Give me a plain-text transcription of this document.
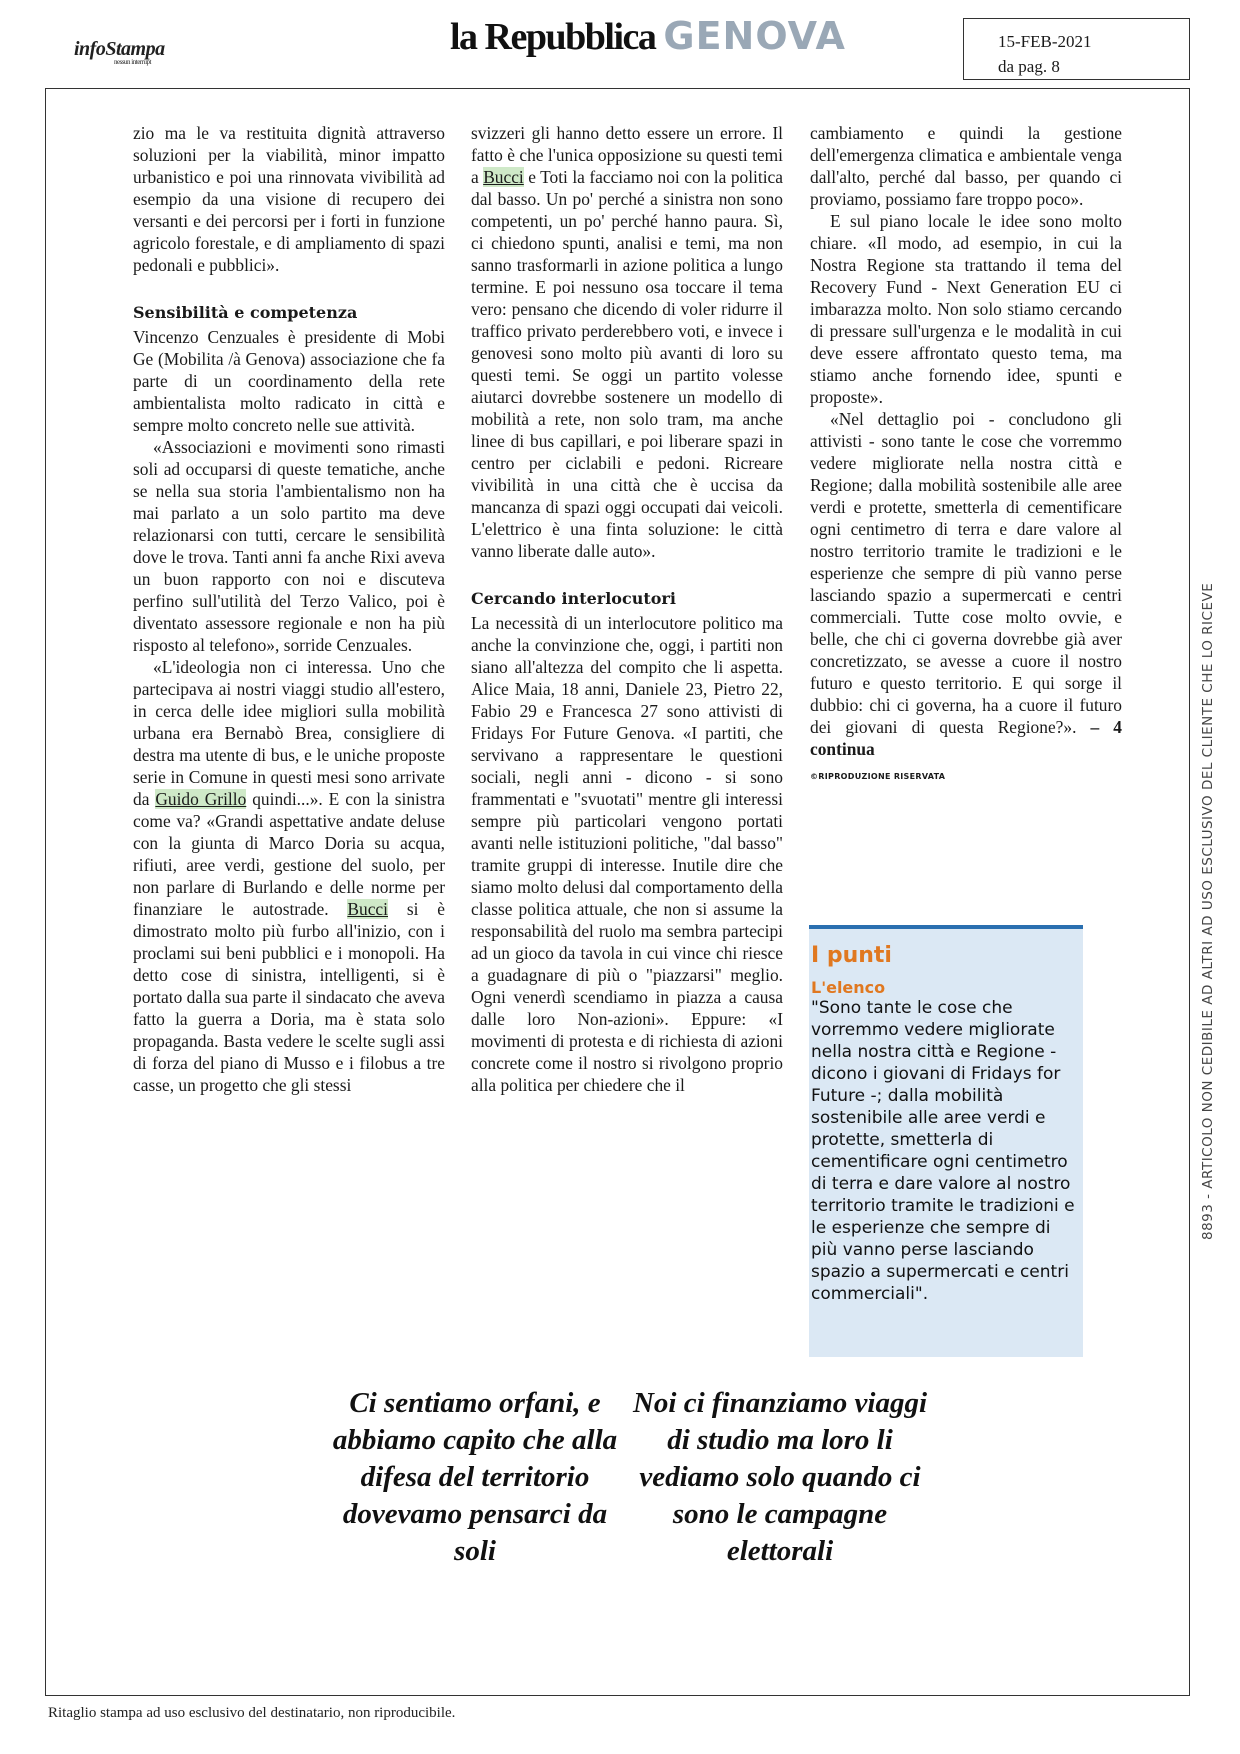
infoStampa
nessun interrupt
la Repubblica GENOVA	15-FEB-2021
da pag. 8

zio ma le va restituita dignità attraverso soluzioni per la viabilità, minor impatto urbanistico e poi una rinnovata vivibilità ad esempio da una visione di recupero dei versanti e dei percorsi per i forti in funzione agricolo forestale, e di ampliamento di spazi pedonali e pubblici».

Sensibilità e competenza

Vincenzo Cenzuales è presidente di Mobi Ge (Mobilita /à Genova) associazione che fa parte di un coordinamento della rete ambientalista molto radicato in città e sempre molto concreto nelle sue attività.

«Associazioni e movimenti sono rimasti soli ad occuparsi di queste tematiche, anche se nella sua storia l'ambientalismo non ha mai parlato a un solo partito ma deve relazionarsi con tutti, cercare le sensibilità dove le trova. Tanti anni fa anche Rixi aveva un buon rapporto con noi e discuteva perfino sull'utilità del Terzo Valico, poi è diventato assessore regionale e non ha più risposto al telefono», sorride Cenzuales.

«L'ideologia non ci interessa. Uno che partecipava ai nostri viaggi studio all'estero, in cerca delle idee migliori sulla mobilità urbana era Bernabò Brea, consigliere di destra ma utente di bus, e le uniche proposte serie in Comune in questi mesi sono arrivate da Guido Grillo quindi...». E con la sinistra come va? «Grandi aspettative andate deluse con la giunta di Marco Doria su acqua, rifiuti, aree verdi, gestione del suolo, per non parlare di Burlando e delle norme per finanziare le autostrade. Bucci si è dimostrato molto più furbo all'inizio, con i proclami sui beni pubblici e i monopoli. Ha detto cose di sinistra, intelligenti, si è portato dalla sua parte il sindacato che aveva fatto la guerra a Doria, ma è stata solo propaganda. Basta vedere le scelte sugli assi di forza del piano di Musso e i filobus a tre casse, un progetto che gli stessi

svizzeri gli hanno detto essere un errore. Il fatto è che l'unica opposizione su questi temi a Bucci e Toti la facciamo noi con la politica dal basso. Un po' perché a sinistra non sono competenti, un po' perché hanno paura. Sì, ci chiedono spunti, analisi e temi, ma non sanno trasformarli in azione politica a lungo termine. E poi nessuno osa toccare il tema vero: pensano che dicendo di voler ridurre il traffico privato perderebbero voti, e invece i genovesi sono molto più avanti di loro su questi temi. Se oggi un partito volesse aiutarci dovrebbe sostenere un modello di mobilità a rete, non solo tram, ma anche linee di bus capillari, e poi liberare spazi in centro per ciclabili e pedoni. Ricreare vivibilità in una città che è uccisa da mancanza di spazi oggi occupati dai veicoli. L'elettrico è una finta soluzione: le città vanno liberate dalle auto».

Cercando interlocutori

La necessità di un interlocutore politico ma anche la convinzione che, oggi, i partiti non siano all'altezza del compito che li aspetta. Alice Maia, 18 anni, Daniele 23, Pietro 22, Fabio 29 e Francesca 27 sono attivisti di Fridays For Future Genova. «I partiti, che servivano a rappresentare le questioni sociali, negli anni - dicono - si sono frammentati e "svuotati" mentre gli interessi sempre più particolari vengono portati avanti nelle istituzioni politiche, "dal basso" tramite gruppi di interesse. Inutile dire che siamo molto delusi dal comportamento della classe politica attuale, che non si assume la responsabilità del ruolo ma sembra partecipi ad un gioco da tavola in cui vince chi riesce a guadagnare di più o "piazzarsi" meglio. Ogni venerdì scendiamo in piazza a causa dalle loro Non-azioni». Eppure: «I movimenti di protesta e di richiesta di azioni concrete come il nostro si rivolgono proprio alla politica per chiedere che il

cambiamento e quindi la gestione dell'emergenza climatica e ambientale venga dall'alto, perché dal basso, per quando ci proviamo, possiamo fare troppo poco».

E sul piano locale le idee sono molto chiare. «Il modo, ad esempio, in cui la Nostra Regione sta trattando il tema del Recovery Fund - Next Generation EU ci imbarazza molto. Non solo stiamo cercando di pressare sull'urgenza e le modalità in cui deve essere affrontato questo tema, ma stiamo anche fornendo idee, spunti e proposte».

«Nel dettaglio poi - concludono gli attivisti - sono tante le cose che vorremmo vedere migliorate nella nostra città e Regione; dalla mobilità sostenibile alle aree verdi e protette, smetterla di cementificare ogni centimetro di terra e dare valore al nostro territorio tramite le tradizioni e le esperienze che sempre di più vanno perse lasciando spazio a supermercati e centri commerciali. Tutte cose molto ovvie, e belle, che chi ci governa dovrebbe già aver concretizzato, se avesse a cuore il nostro futuro e questo territorio. E qui sorge il dubbio: chi ci governa, ha a cuore il futuro dei giovani di questa Regione?». – 4 continua

©RIPRODUZIONE RISERVATA
I punti
L'elenco
"Sono tante le cose che vorremmo vedere migliorate nella nostra città e Regione - dicono i giovani di Fridays for Future -; dalla mobilità sostenibile alle aree verdi e protette, smetterla di cementificare ogni centimetro di terra e dare valore al nostro territorio tramite le tradizioni e le esperienze che sempre di più vanno perse lasciando spazio a supermercati e centri commerciali".
8893 - ARTICOLO NON CEDIBILE AD ALTRI AD USO ESCLUSIVO DEL CLIENTE CHE LO RICEVE
Ci sentiamo orfani, e abbiamo capito che alla difesa del territorio dovevamo pensarci da soli
Noi ci finanziamo viaggi di studio ma loro li vediamo solo quando ci sono le campagne elettorali
Ritaglio stampa ad uso esclusivo del destinatario, non riproducibile.
